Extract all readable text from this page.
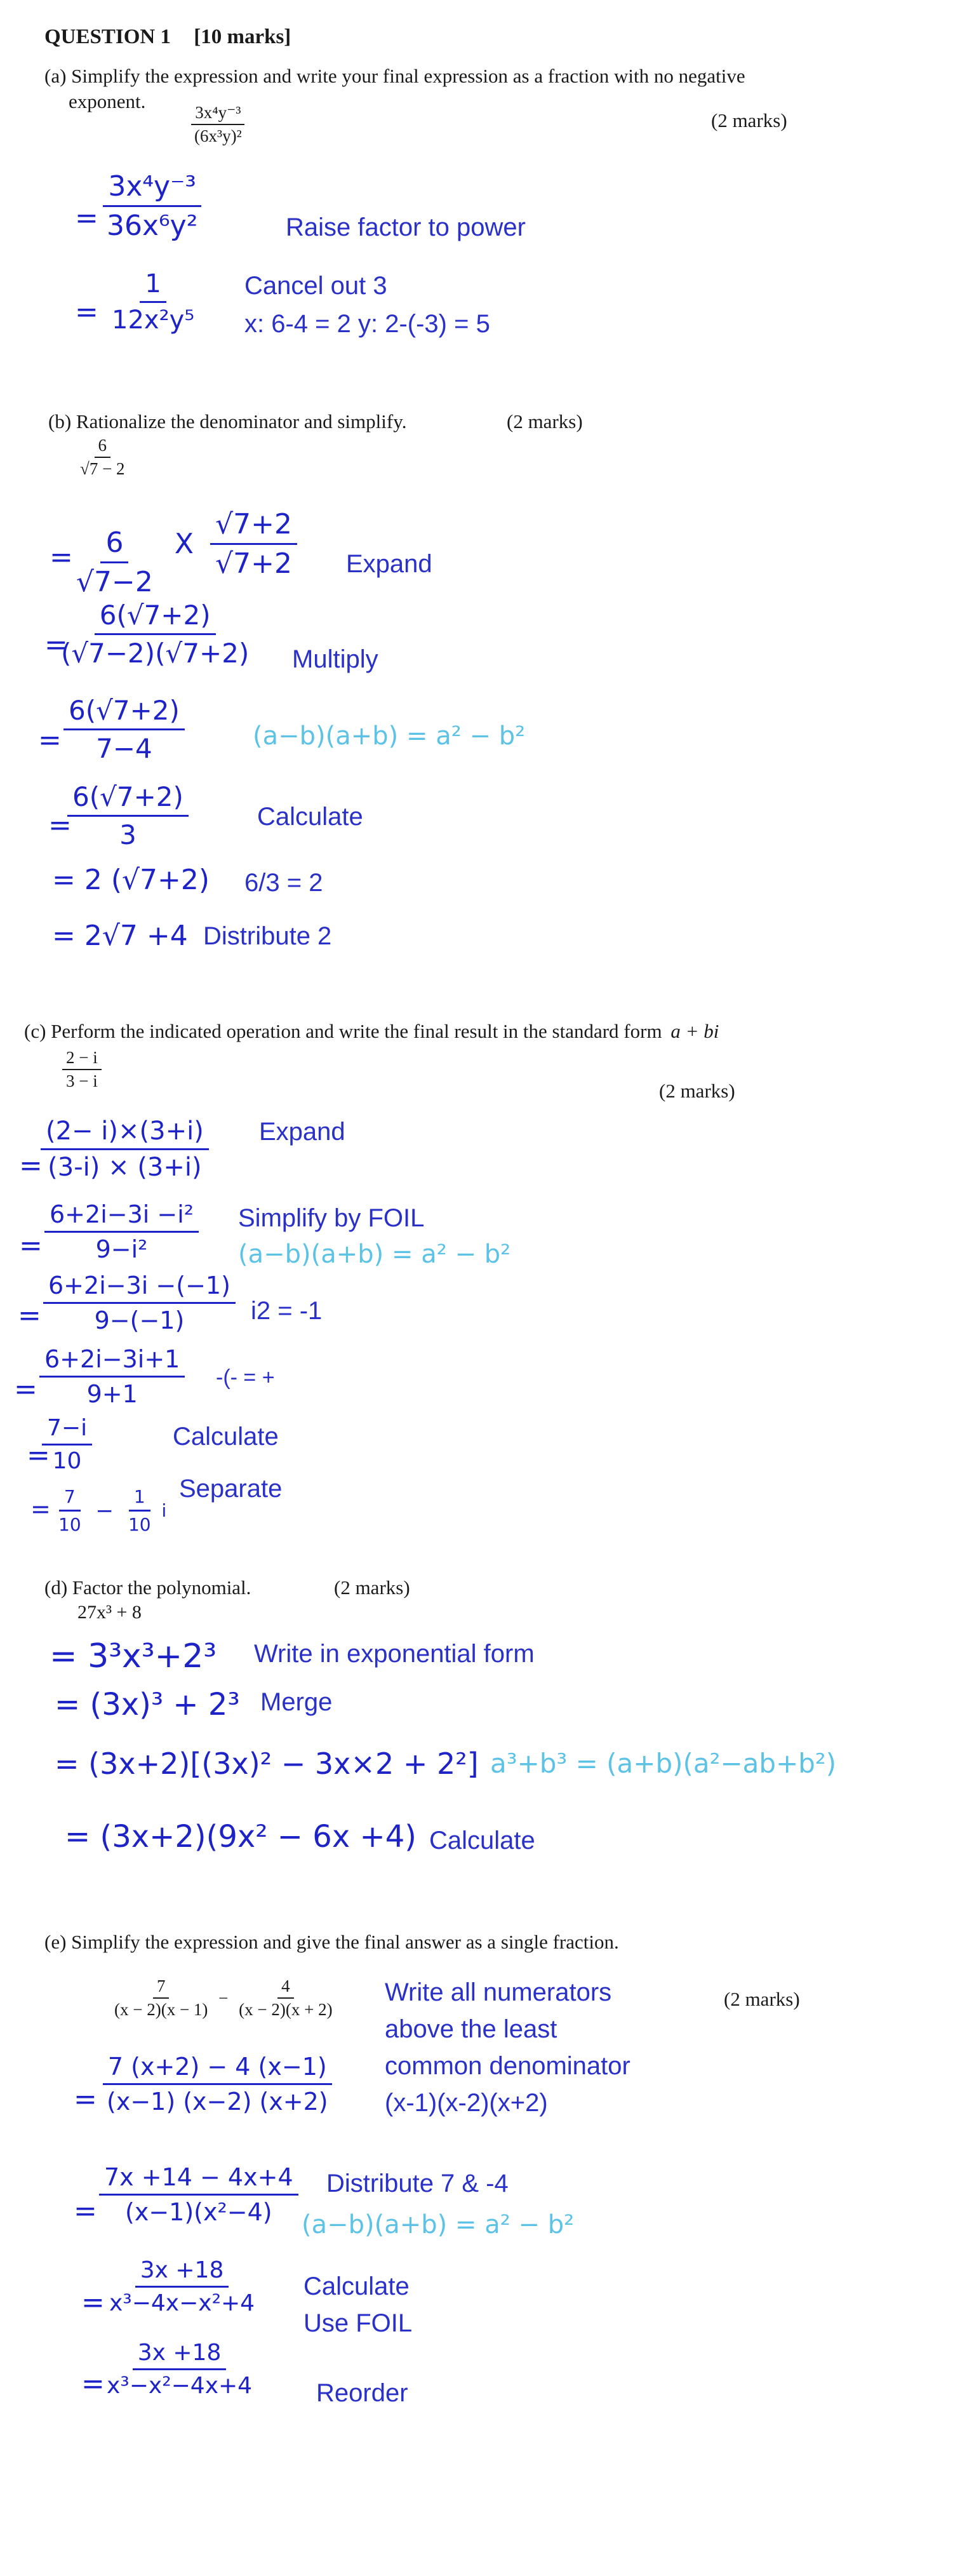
QUESTION 1 [10 marks]
(a) Simplify the expression and write your final expression as a fraction with no negative
exponent.
$\frac{\text{3x⁴y⁻³}}{\text{(6x³y)²}}$	(2 marks)
= $\frac{\text{3x⁴y⁻³}}{\text{36x⁶y²}}$	Raise factor to power
= $\frac{1}{\text{12x²y⁵}}$ Cancel out 3
x: 6-4 = 2 y: 2-(-3) = 5
(b) Rationalize the denominator and simplify.	(2 marks)
$\frac{6}{√7 - 2}$
=
$\frac{6}{√7-2}$ X $\frac{√7+2}{√7+2}$ Expand
=
$\frac{6(√7+2)}{(√7-2)(√7+2)}$ Multiply
= $\frac{6(√7+2)}{7-4}$	(a−b)(a+b) = a² − b²
=
$\frac{6(√7+2)}{3}$	Calculate
= 2 (√7+2) 6/3 = 2
= 2√7 +4 Distribute 2
(c) Perform the indicated operation and write the final result in the standard form a + bi
$\frac{2 - i}{3 - i}$	(2 marks)
=
$\frac{(2- i)\times(3+i)}{(3-i) \times (3+i)}$ Expand
= $\frac{\text{6+2i−3i −i²}}{\text{9−i²}}$ Simplify by FOIL
(a−b)(a+b) = a² − b²
= $\frac{6+2i-3i -(-1)}{9-(-1)} i2 = -1$
= $\frac{6+2i-3i+1}{9+1}$ -(- = +
=
$\frac{7-i}{10}$	Calculate
= $\frac{7}{10} - \frac{1}{10}$ i
Separate
(d) Factor the polynomial.	(2 marks)
27x³ + 8
= 3³x³+2³ Write in exponential form
= (3x)³ + 2³ Merge
= (3x+2)[(3x)² − 3x×2 + 2²] a³+b³ = (a+b)(a²−ab+b²)
= (3x+2)(9x² − 6x +4) Calculate
(e) Simplify the expression and give the final answer as a single fraction.
$\frac{7}{(x - 2)(x - 1)} - \frac{4}{(x - 2)(x + 2)}$	(2 marks)
Write all numerators
above the least
common denominator
(x-1)(x-2)(x+2)
= $\frac{7 (x+2) - 4 (x-1)}{(x-1) (x-2) (x+2)}$
= $\frac{7x +14 - 4x+4}{\text{(x−1)(x²−4)}}$ Distribute 7 & -4
(a−b)(a+b) = a² − b²
= $\frac{3x +18}{\text{x³−4x−x²+4}}$ Calculate
Use FOIL
=
$\frac{3x +18}{\text{x³−x²−4x+4}}$ Reorder
